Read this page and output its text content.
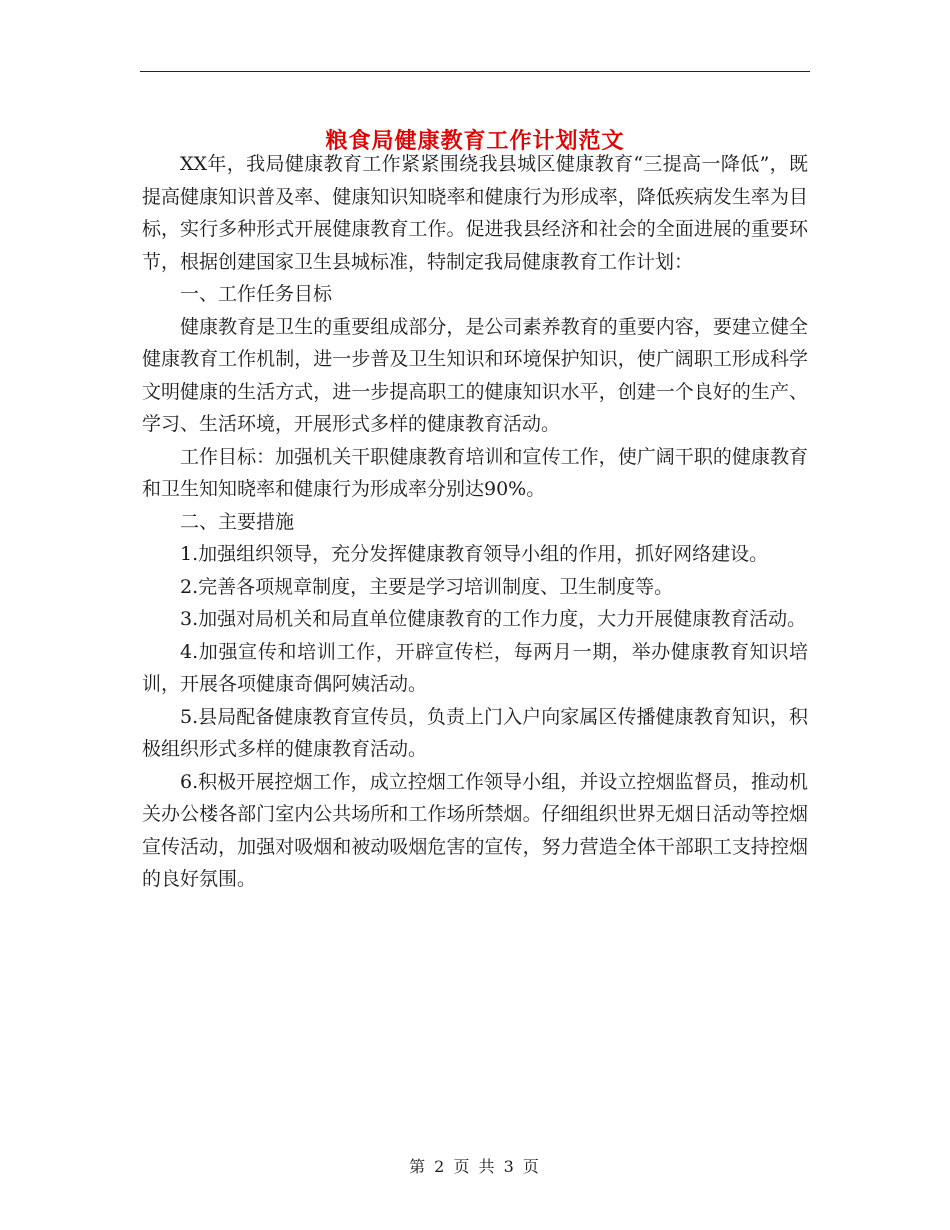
粮食局健康教育工作计划范文

XX年，我局健康教育工作紧紧围绕我县城区健康教育“三提高一降低”，既提高健康知识普及率、健康知识知晓率和健康行为形成率，降低疾病发生率为目标，实行多种形式开展健康教育工作。促进我县经济和社会的全面进展的重要环节，根据创建国家卫生县城标准，特制定我局健康教育工作计划：

一、工作任务目标

健康教育是卫生的重要组成部分，是公司素养教育的重要内容，要建立健全健康教育工作机制，进一步普及卫生知识和环境保护知识，使广阔职工形成科学文明健康的生活方式，进一步提高职工的健康知识水平，创建一个良好的生产、学习、生活环境，开展形式多样的健康教育活动。

工作目标：加强机关干职健康教育培训和宣传工作，使广阔干职的健康教育和卫生知知晓率和健康行为形成率分别达90%。

二、主要措施

1.加强组织领导，充分发挥健康教育领导小组的作用，抓好网络建设。

2.完善各项规章制度，主要是学习培训制度、卫生制度等。

3.加强对局机关和局直单位健康教育的工作力度，大力开展健康教育活动。

4.加强宣传和培训工作，开辟宣传栏，每两月一期，举办健康教育知识培训，开展各项健康奇偶阿姨活动。

5.县局配备健康教育宣传员，负责上门入户向家属区传播健康教育知识，积极组织形式多样的健康教育活动。

6.积极开展控烟工作，成立控烟工作领导小组，并设立控烟监督员，推动机关办公楼各部门室内公共场所和工作场所禁烟。仔细组织世界无烟日活动等控烟宣传活动，加强对吸烟和被动吸烟危害的宣传，努力营造全体干部职工支持控烟的良好氛围。

第 2 页 共 3 页
